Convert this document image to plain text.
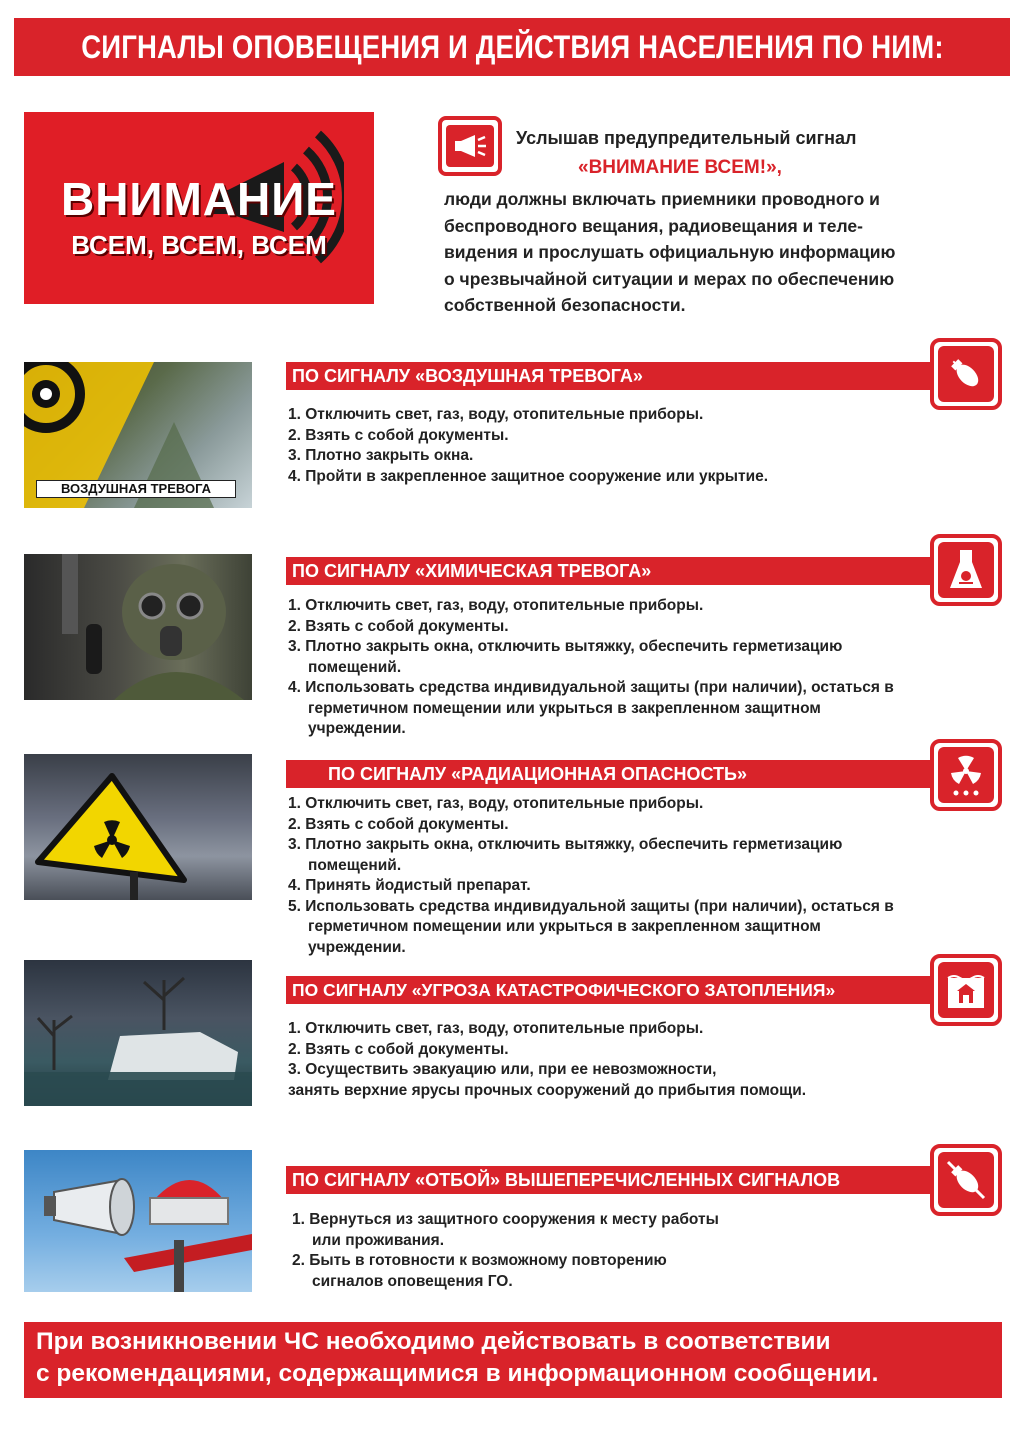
СИГНАЛЫ ОПОВЕЩЕНИЯ И ДЕЙСТВИЯ НАСЕЛЕНИЯ ПО НИМ:
ВНИМАНИЕ
ВСЕМ, ВСЕМ, ВСЕМ
Услышав предупредительный сигнал
«ВНИМАНИЕ ВСЕМ!»,
люди должны включать приемники проводного и
беспроводного вещания, радиовещания и теле-
видения и прослушать официальную информацию
о чрезвычайной ситуации и мерах по обеспечению
собственной безопасности.
ВОЗДУШНАЯ ТРЕВОГА
ПО СИГНАЛУ «ВОЗДУШНАЯ ТРЕВОГА»
1. Отключить свет, газ, воду, отопительные приборы.
2. Взять с собой документы.
3. Плотно закрыть окна.
4. Пройти в закрепленное защитное сооружение или укрытие.
ПО СИГНАЛУ «ХИМИЧЕСКАЯ ТРЕВОГА»
1. Отключить свет, газ, воду, отопительные приборы.
2. Взять с собой документы.
3. Плотно закрыть окна, отключить вытяжку, обеспечить герметизацию помещений.
4. Использовать средства индивидуальной защиты (при наличии), остаться в герметичном помещении или укрыться в закрепленном защитном учреждении.
ПО СИГНАЛУ «РАДИАЦИОННАЯ ОПАСНОСТЬ»
1. Отключить свет, газ, воду, отопительные приборы.
2. Взять с собой документы.
3. Плотно закрыть окна, отключить вытяжку, обеспечить герметизацию помещений.
4. Принять йодистый препарат.
5. Использовать средства индивидуальной защиты (при наличии), остаться в герметичном помещении или укрыться в закрепленном защитном учреждении.
ПО СИГНАЛУ «УГРОЗА КАТАСТРОФИЧЕСКОГО ЗАТОПЛЕНИЯ»
1. Отключить свет, газ, воду, отопительные приборы.
2. Взять с собой документы.
3. Осуществить эвакуацию или, при ее невозможности,
занять верхние ярусы прочных сооружений до прибытия помощи.
ПО СИГНАЛУ «ОТБОЙ» ВЫШЕПЕРЕЧИСЛЕННЫХ СИГНАЛОВ
1. Вернуться из защитного сооружения к месту работы или проживания.
2. Быть в готовности к возможному повторению сигналов оповещения ГО.

При возникновении ЧС необходимо действовать в соответствии

с рекомендациями, содержащимися в информационном сообщении.
